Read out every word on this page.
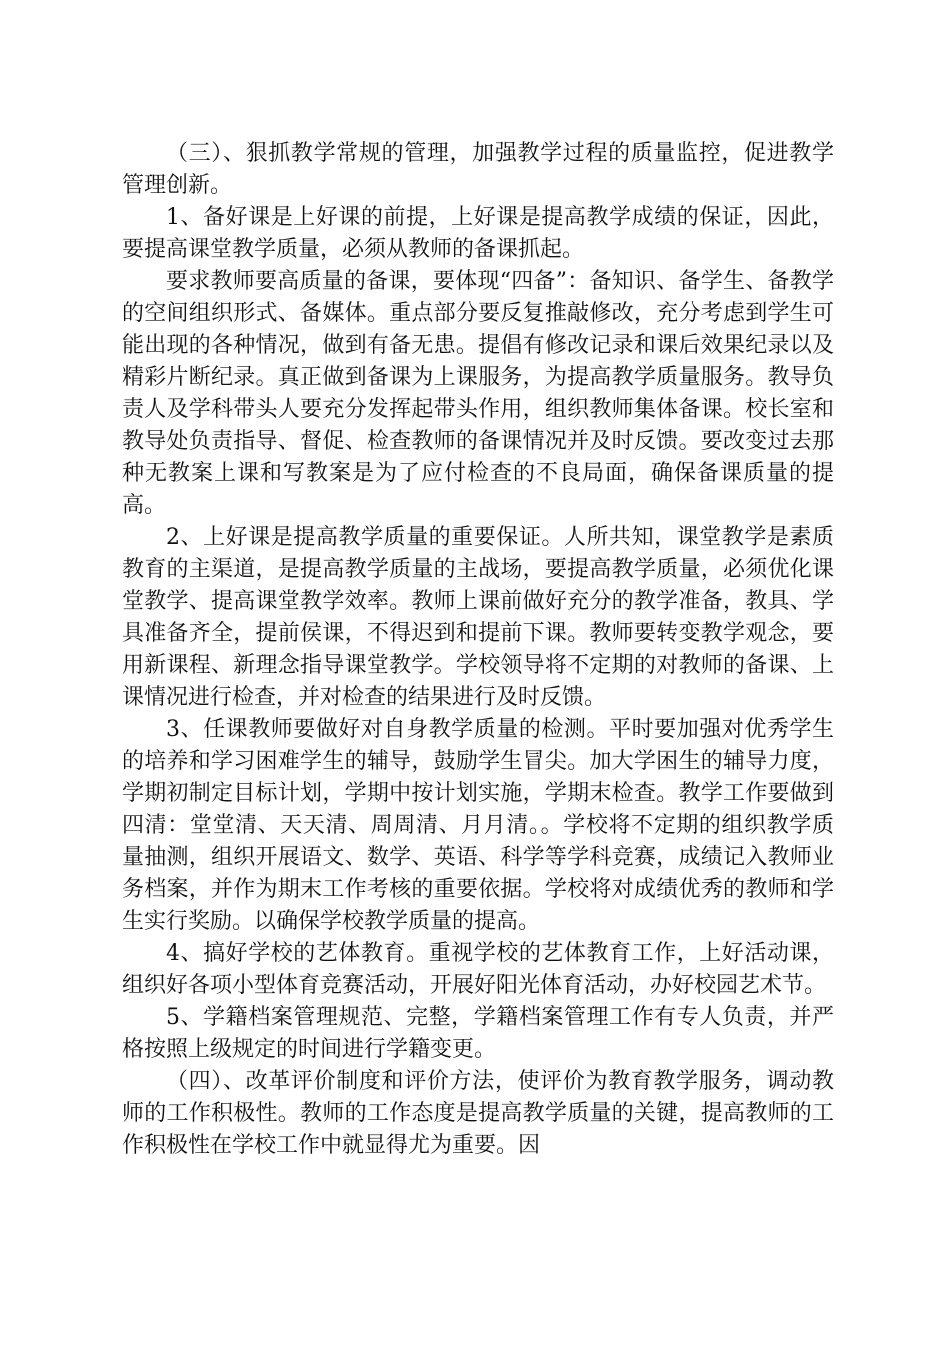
（三）、狠抓教学常规的管理，加强教学过程的质量监控，促进教学管理创新。

1、备好课是上好课的前提，上好课是提高教学成绩的保证，因此，要提高课堂教学质量，必须从教师的备课抓起。

要求教师要高质量的备课，要体现“四备”：备知识、备学生、备教学的空间组织形式、备媒体。重点部分要反复推敲修改，充分考虑到学生可能出现的各种情况，做到有备无患。提倡有修改记录和课后效果纪录以及精彩片断纪录。真正做到备课为上课服务，为提高教学质量服务。教导负责人及学科带头人要充分发挥起带头作用，组织教师集体备课。校长室和教导处负责指导、督促、检查教师的备课情况并及时反馈。要改变过去那种无教案上课和写教案是为了应付检查的不良局面，确保备课质量的提高。

2、上好课是提高教学质量的重要保证。人所共知，课堂教学是素质教育的主渠道，是提高教学质量的主战场，要提高教学质量，必须优化课堂教学、提高课堂教学效率。教师上课前做好充分的教学准备，教具、学具准备齐全，提前侯课，不得迟到和提前下课。教师要转变教学观念，要用新课程、新理念指导课堂教学。学校领导将不定期的对教师的备课、上课情况进行检查，并对检查的结果进行及时反馈。

3、任课教师要做好对自身教学质量的检测。平时要加强对优秀学生的培养和学习困难学生的辅导，鼓励学生冒尖。加大学困生的辅导力度，学期初制定目标计划，学期中按计划实施，学期末检查。教学工作要做到四清：堂堂清、天天清、周周清、月月清。。学校将不定期的组织教学质量抽测，组织开展语文、数学、英语、科学等学科竞赛，成绩记入教师业务档案，并作为期末工作考核的重要依据。学校将对成绩优秀的教师和学生实行奖励。以确保学校教学质量的提高。

4、搞好学校的艺体教育。重视学校的艺体教育工作，上好活动课，组织好各项小型体育竞赛活动，开展好阳光体育活动，办好校园艺术节。

5、学籍档案管理规范、完整，学籍档案管理工作有专人负责，并严格按照上级规定的时间进行学籍变更。

（四）、改革评价制度和评价方法，使评价为教育教学服务，调动教师的工作积极性。教师的工作态度是提高教学质量的关键，提高教师的工作积极性在学校工作中就显得尤为重要。因
